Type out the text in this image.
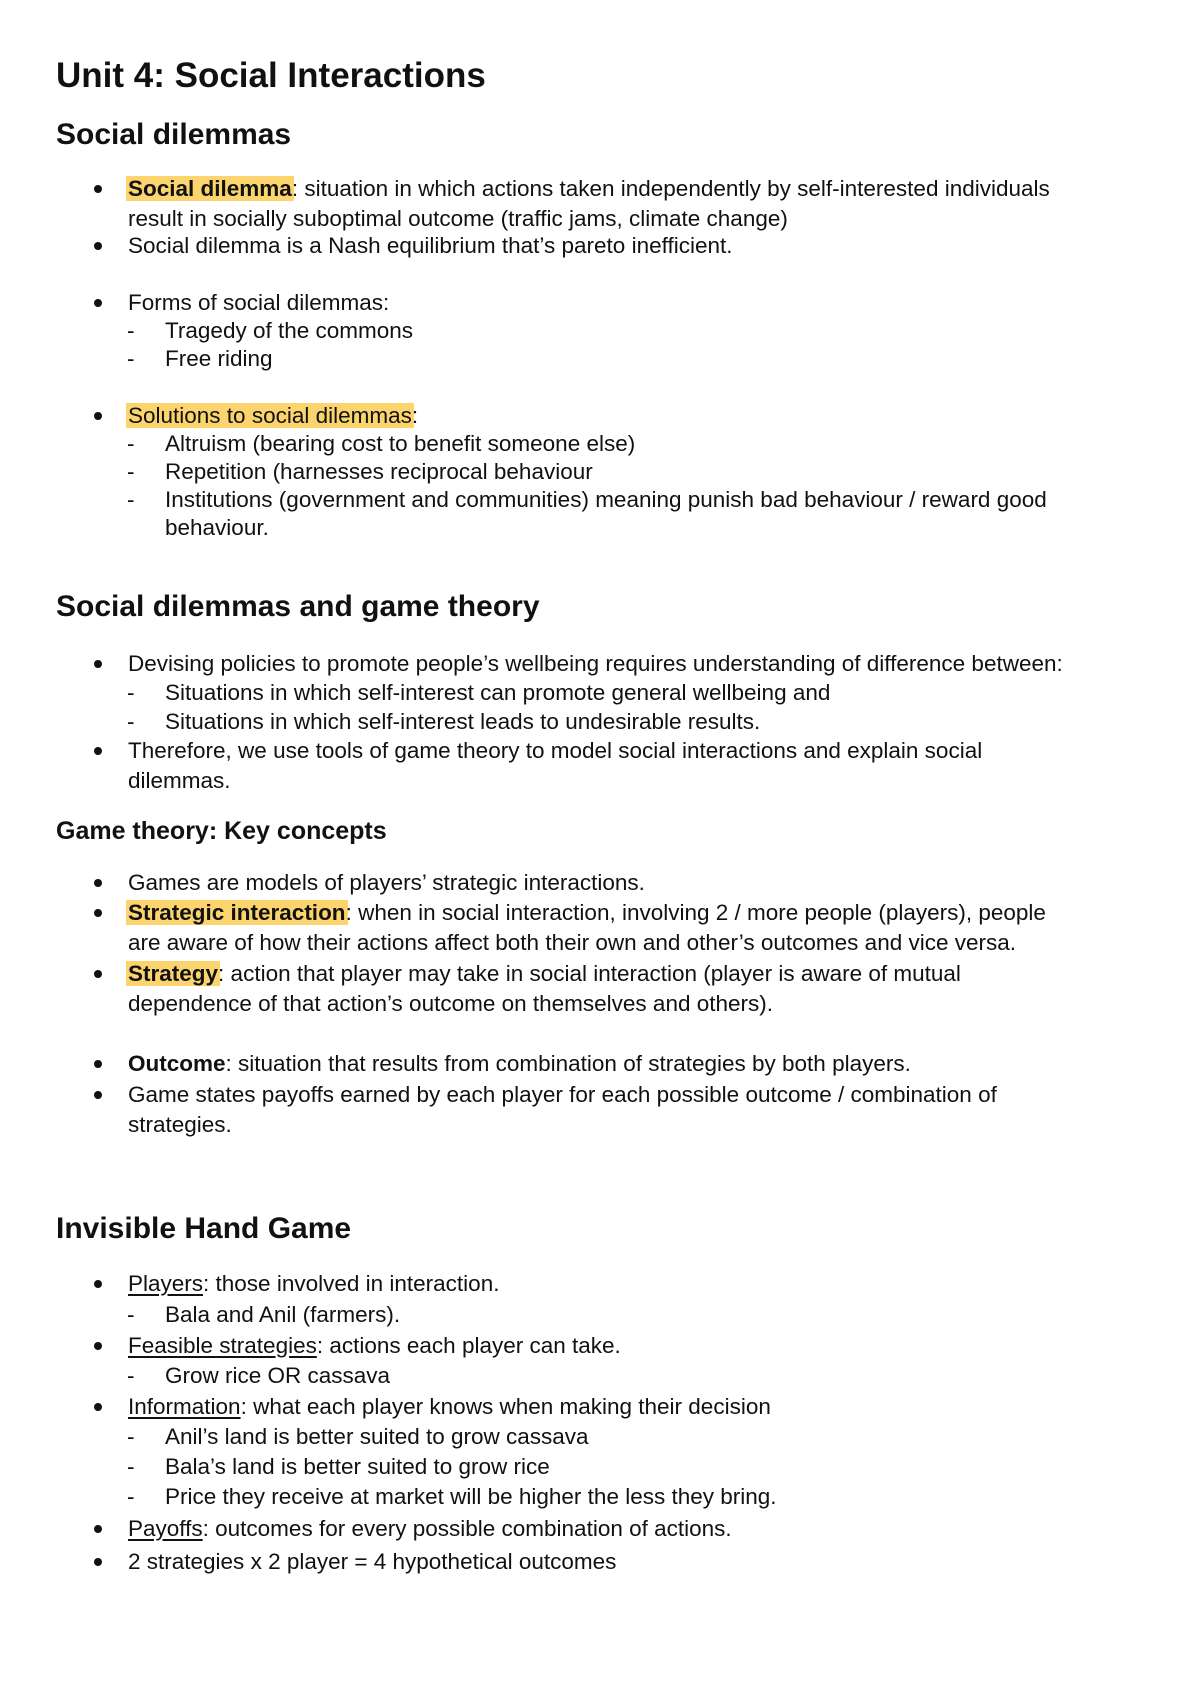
Unit 4: Social Interactions
Social dilemmas
Social dilemma: situation in which actions taken independently by self-interested individuals
result in socially suboptimal outcome (traffic jams, climate change)
Social dilemma is a Nash equilibrium that’s pareto inefficient.
Forms of social dilemmas:
- Tragedy of the commons
- Free riding
Solutions to social dilemmas:
- Altruism (bearing cost to benefit someone else)
- Repetition (harnesses reciprocal behaviour
- Institutions (government and communities) meaning punish bad behaviour / reward good
behaviour.
Social dilemmas and game theory
Devising policies to promote people’s wellbeing requires understanding of difference between:
- Situations in which self-interest can promote general wellbeing and
- Situations in which self-interest leads to undesirable results.
Therefore, we use tools of game theory to model social interactions and explain social
dilemmas.
Game theory: Key concepts
Games are models of players’ strategic interactions.
Strategic interaction: when in social interaction, involving 2 / more people (players), people
are aware of how their actions affect both their own and other’s outcomes and vice versa.
Strategy: action that player may take in social interaction (player is aware of mutual
dependence of that action’s outcome on themselves and others).
Outcome: situation that results from combination of strategies by both players.
Game states payoffs earned by each player for each possible outcome / combination of
strategies.
Invisible Hand Game
Players: those involved in interaction.
- Bala and Anil (farmers).
Feasible strategies: actions each player can take.
- Grow rice OR cassava
Information: what each player knows when making their decision
- Anil’s land is better suited to grow cassava
- Bala’s land is better suited to grow rice
- Price they receive at market will be higher the less they bring.
Payoffs: outcomes for every possible combination of actions.
2 strategies x 2 player = 4 hypothetical outcomes
